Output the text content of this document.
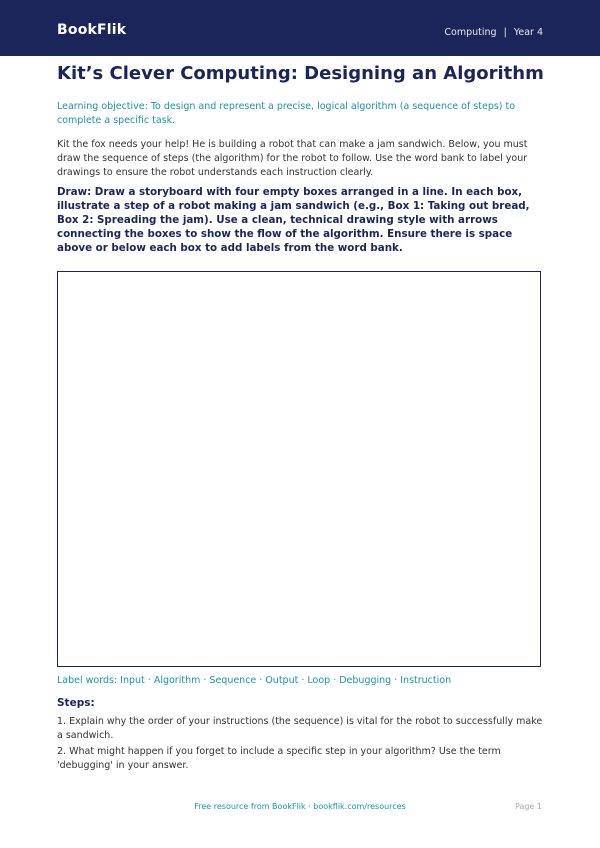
BookFlik	Computing | Year 4
Kit’s Clever Computing: Designing an Algorithm

Learning objective: To design and represent a precise, logical algorithm (a sequence of steps) to complete a specific task.

Kit the fox needs your help! He is building a robot that can make a jam sandwich. Below, you must draw the sequence of steps (the algorithm) for the robot to follow. Use the word bank to label your drawings to ensure the robot understands each instruction clearly.

Draw: Draw a storyboard with four empty boxes arranged in a line. In each box, illustrate a step of a robot making a jam sandwich (e.g., Box 1: Taking out bread, Box 2: Spreading the jam). Use a clean, technical drawing style with arrows connecting the boxes to show the flow of the algorithm. Ensure there is space above or below each box to add labels from the word bank.

Label words: Input · Algorithm · Sequence · Output · Loop · Debugging · Instruction

Steps:

1. Explain why the order of your instructions (the sequence) is vital for the robot to successfully make a sandwich.

2. What might happen if you forget to include a specific step in your algorithm? Use the term 'debugging' in your answer.

Free resource from BookFlik · bookflik.com/resources	Page 1
